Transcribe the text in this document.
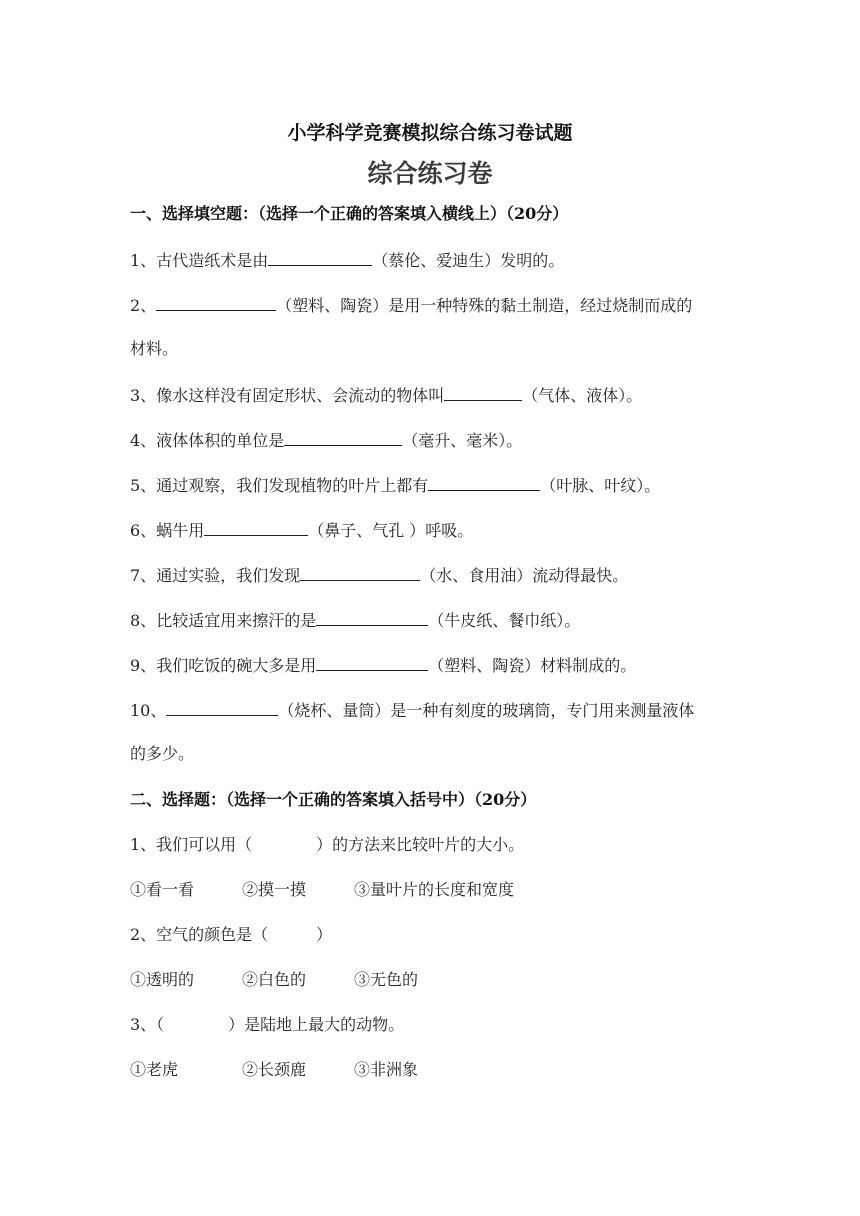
小学科学竞赛模拟综合练习卷试题
综合练习卷
一、选择填空题：（选择一个正确的答案填入横线上）（20分）
1、古代造纸术是由	（蔡伦、爱迪生）发明的。
2、	（塑料、陶瓷）是用一种特殊的黏土制造，经过烧制而成的
材料。
3、像水这样没有固定形状、会流动的物体叫	（气体、液体）。
4、液体体积的单位是	（毫升、毫米）。
5、通过观察，我们发现植物的叶片上都有	（叶脉、叶纹）。
6、蜗牛用	（鼻子、气孔 ）呼吸。
7、通过实验，我们发现	（水、食用油）流动得最快。
8、比较适宜用来擦汗的是	（牛皮纸、餐巾纸）。
9、我们吃饭的碗大多是用	（塑料、陶瓷）材料制成的。
10、	（烧杯、量筒）是一种有刻度的玻璃筒，专门用来测量液体
的多少。
二、选择题：（选择一个正确的答案填入括号中）（20分）
1、我们可以用（　　　　）的方法来比较叶片的大小。
①看一看	②摸一摸	③量叶片的长度和宽度
2、空气的颜色是（　　　）
①透明的	②白色的	③无色的
3、（　　　　）是陆地上最大的动物。
①老虎	②长颈鹿	③非洲象
